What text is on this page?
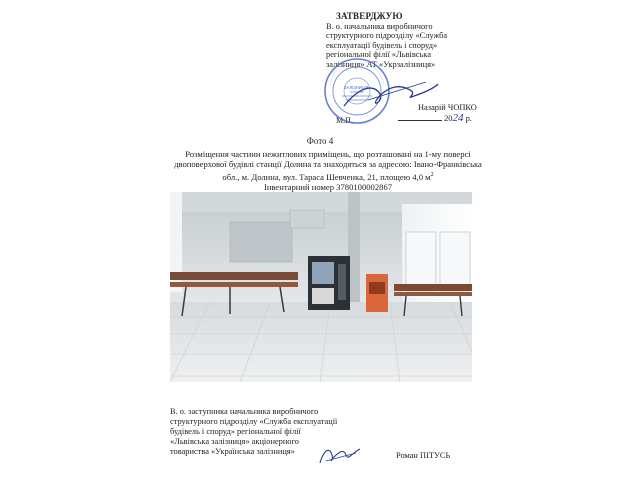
ЗАТВЕРДЖУЮ
В. о. начальника виробничого
структурного підрозділу «Служба
експлуатації будівель і споруд»
регіональної філії «Львівська
залізниця» АТ «Укрзалізниця»
Назарій ЧОПКО
М.П.	2024 р.
ЗАЛІЗНИЦЯ
Фото 4
Розміщення частини нежитлових приміщень, що розташовані на 1-му поверсі двоповерхової будівлі станції Долина та знаходяться за адресою: Івано-Франківська обл., м. Долина, вул. Тараса Шевченка, 21, площею 4,0 $м^2$
Інвентарний номер 3780100002867
В. о. заступника начальника виробничого
структурного підрозділу «Служба експлуатації
будівель і споруд» регіональної філії
«Львівська залізниця» акціонерного
товариства «Українська залізниця»	Роман ПІТУСЬ
